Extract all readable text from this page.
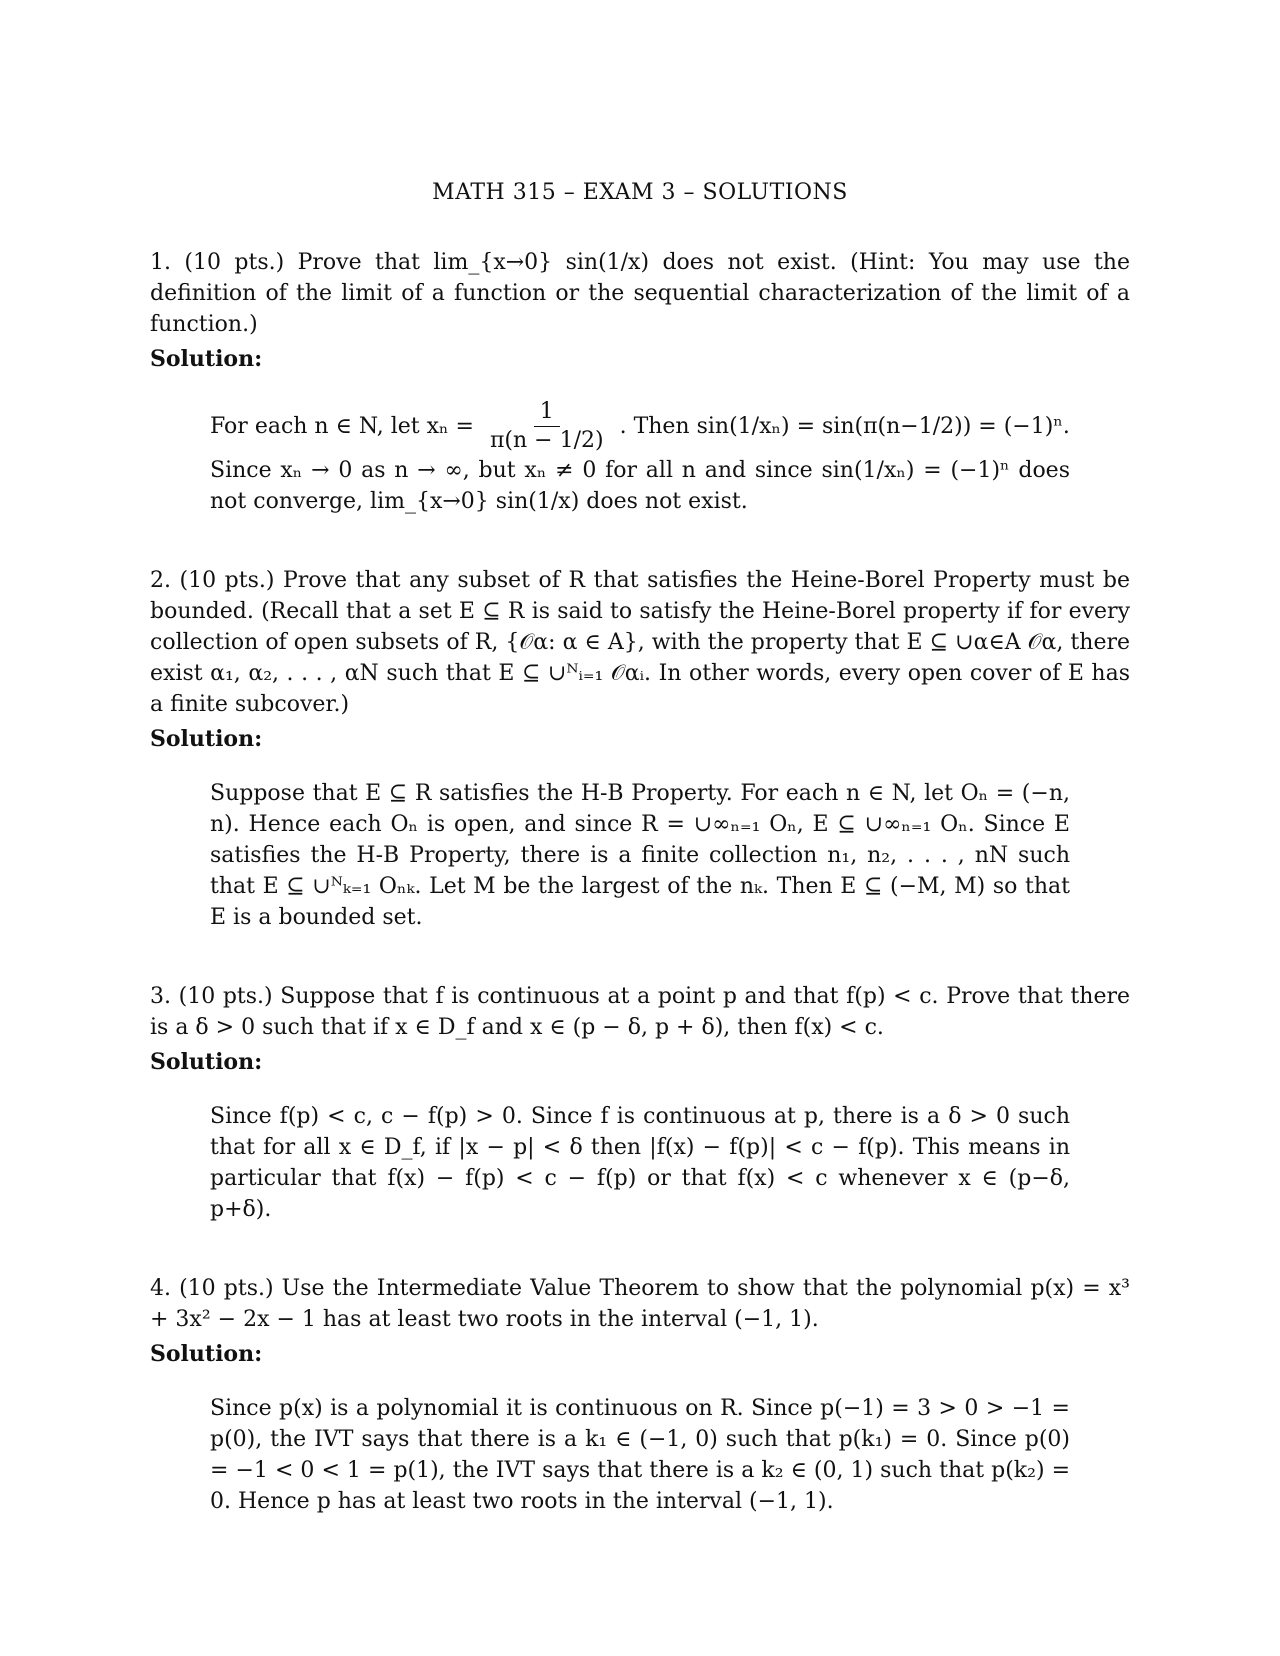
MATH 315 – EXAM 3 – SOLUTIONS
1. (10 pts.) Prove that lim_{x→0} sin(1/x) does not exist. (Hint: You may use the definition of the limit of a function or the sequential characterization of the limit of a function.)
Solution:
For each n ∈ N, let $x_n = \frac{1}{\pi(n - 1/2)}$ . Then sin(1/xₙ) = sin(π(n−1/2)) = (−1)ⁿ.
Since xₙ → 0 as n → ∞, but xₙ ≠ 0 for all n and since sin(1/xₙ) = (−1)ⁿ does not converge, lim_{x→0} sin(1/x) does not exist.
2. (10 pts.) Prove that any subset of R that satisfies the Heine-Borel Property must be bounded. (Recall that a set E ⊆ R is said to satisfy the Heine-Borel property if for every collection of open subsets of R, {𝒪α: α ∈ A}, with the property that E ⊆ ∪α∈A 𝒪α, there exist α₁, α₂, . . . , αN such that E ⊆ ∪ᴺᵢ₌₁ 𝒪αᵢ. In other words, every open cover of E has a finite subcover.)
Solution:
Suppose that E ⊆ R satisfies the H-B Property. For each n ∈ N, let Oₙ = (−n, n). Hence each Oₙ is open, and since R = ∪∞ₙ₌₁ Oₙ, E ⊆ ∪∞ₙ₌₁ Oₙ. Since E satisfies the H-B Property, there is a finite collection n₁, n₂, . . . , nN such that E ⊆ ∪ᴺₖ₌₁ Oₙₖ. Let M be the largest of the nₖ. Then E ⊆ (−M, M) so that E is a bounded set.
3. (10 pts.) Suppose that f is continuous at a point p and that f(p) < c. Prove that there is a δ > 0 such that if x ∈ D_f and x ∈ (p − δ, p + δ), then f(x) < c.
Solution:
Since f(p) < c, c − f(p) > 0. Since f is continuous at p, there is a δ > 0 such that for all x ∈ D_f, if |x − p| < δ then |f(x) − f(p)| < c − f(p). This means in particular that f(x) − f(p) < c − f(p) or that f(x) < c whenever x ∈ (p−δ, p+δ).
4. (10 pts.) Use the Intermediate Value Theorem to show that the polynomial p(x) = x³ + 3x² − 2x − 1 has at least two roots in the interval (−1, 1).
Solution:
Since p(x) is a polynomial it is continuous on R. Since p(−1) = 3 > 0 > −1 = p(0), the IVT says that there is a k₁ ∈ (−1, 0) such that p(k₁) = 0. Since p(0) = −1 < 0 < 1 = p(1), the IVT says that there is a k₂ ∈ (0, 1) such that p(k₂) = 0. Hence p has at least two roots in the interval (−1, 1).
